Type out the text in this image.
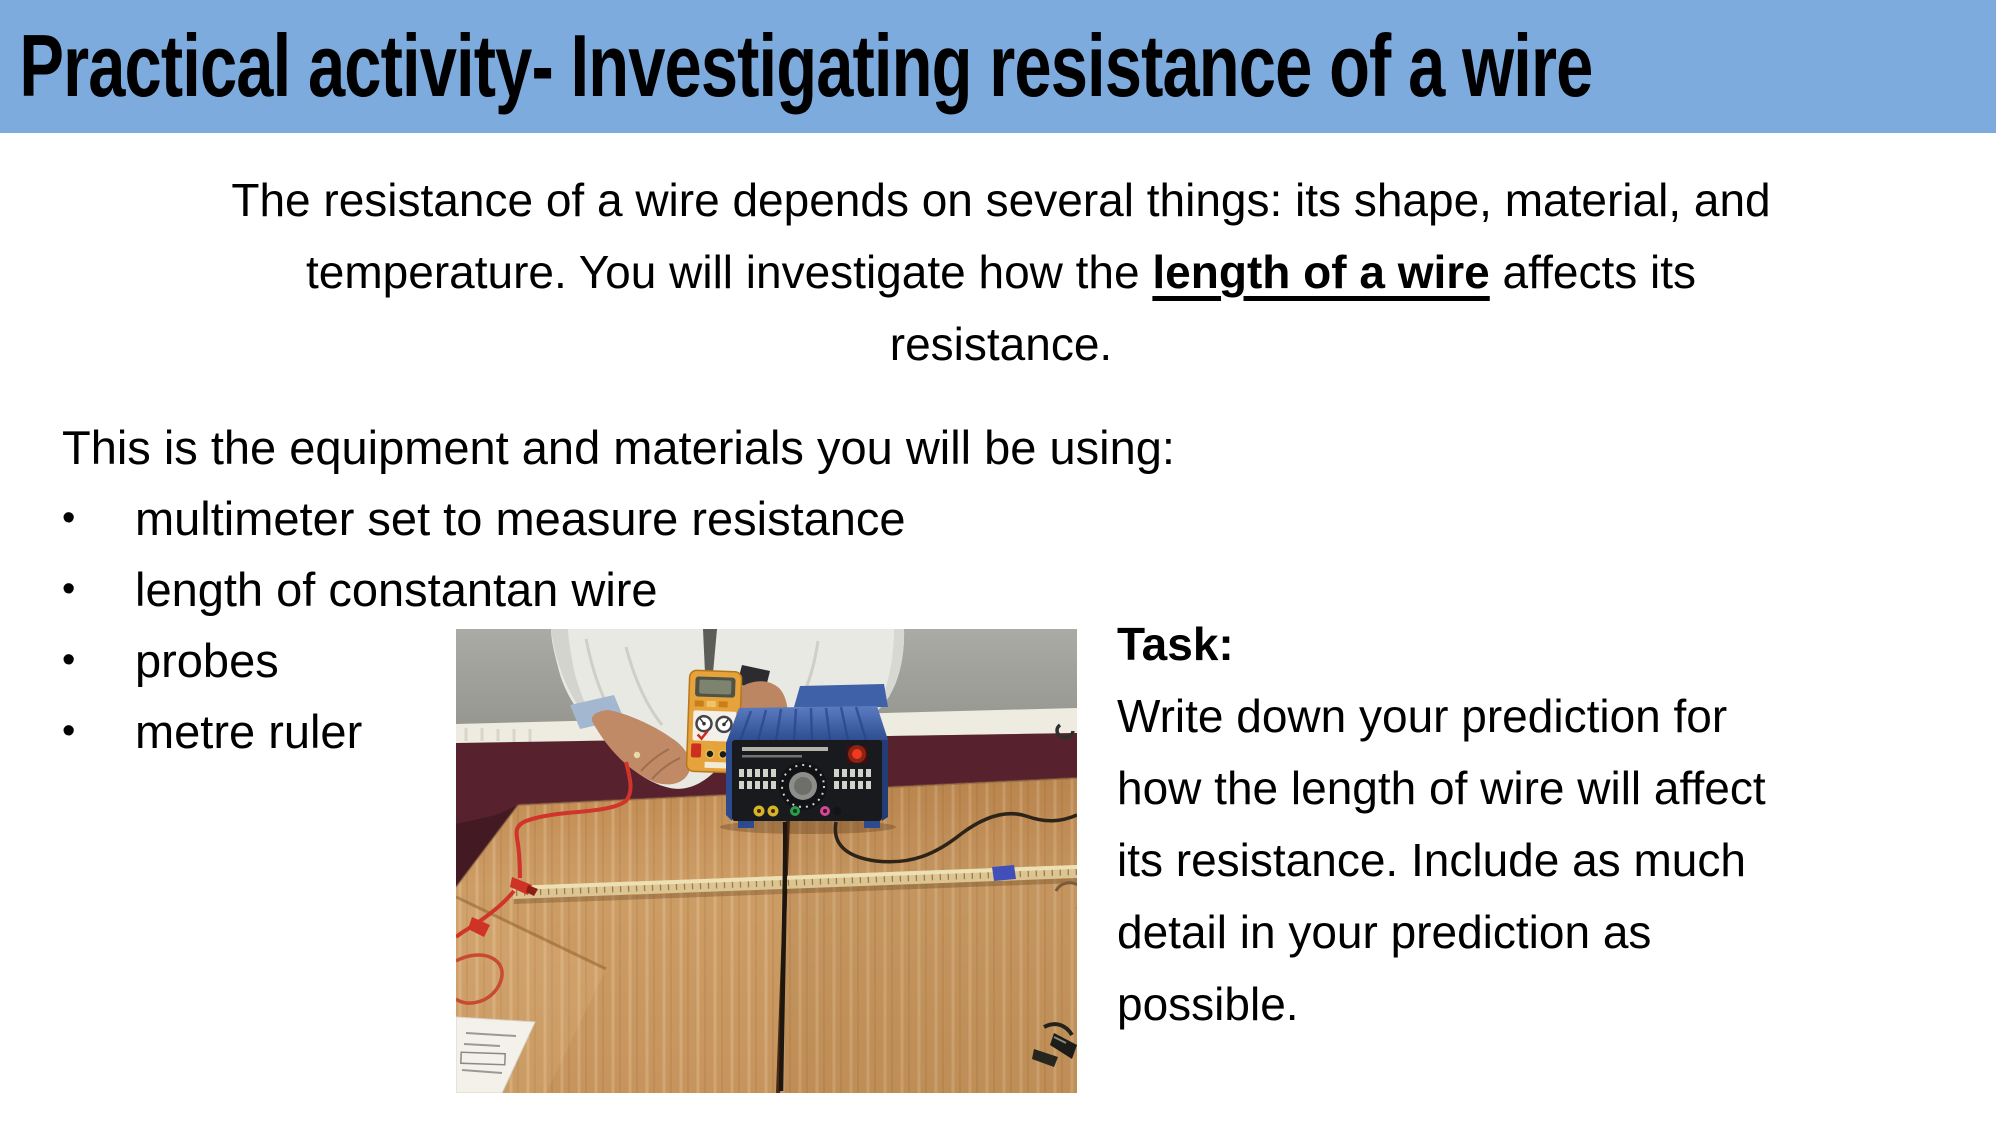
Practical activity- Investigating resistance of a wire
The resistance of a wire depends on several things: its shape, material, and
temperature. You will investigate how the length of a wire affects its
resistance.
This is the equipment and materials you will be using:
•	multimeter set to measure resistance
•	length of constantan wire
•	probes
•	metre ruler
Task:
Write down your prediction for
how the length of wire will affect
its resistance. Include as much
detail in your prediction as
possible.
